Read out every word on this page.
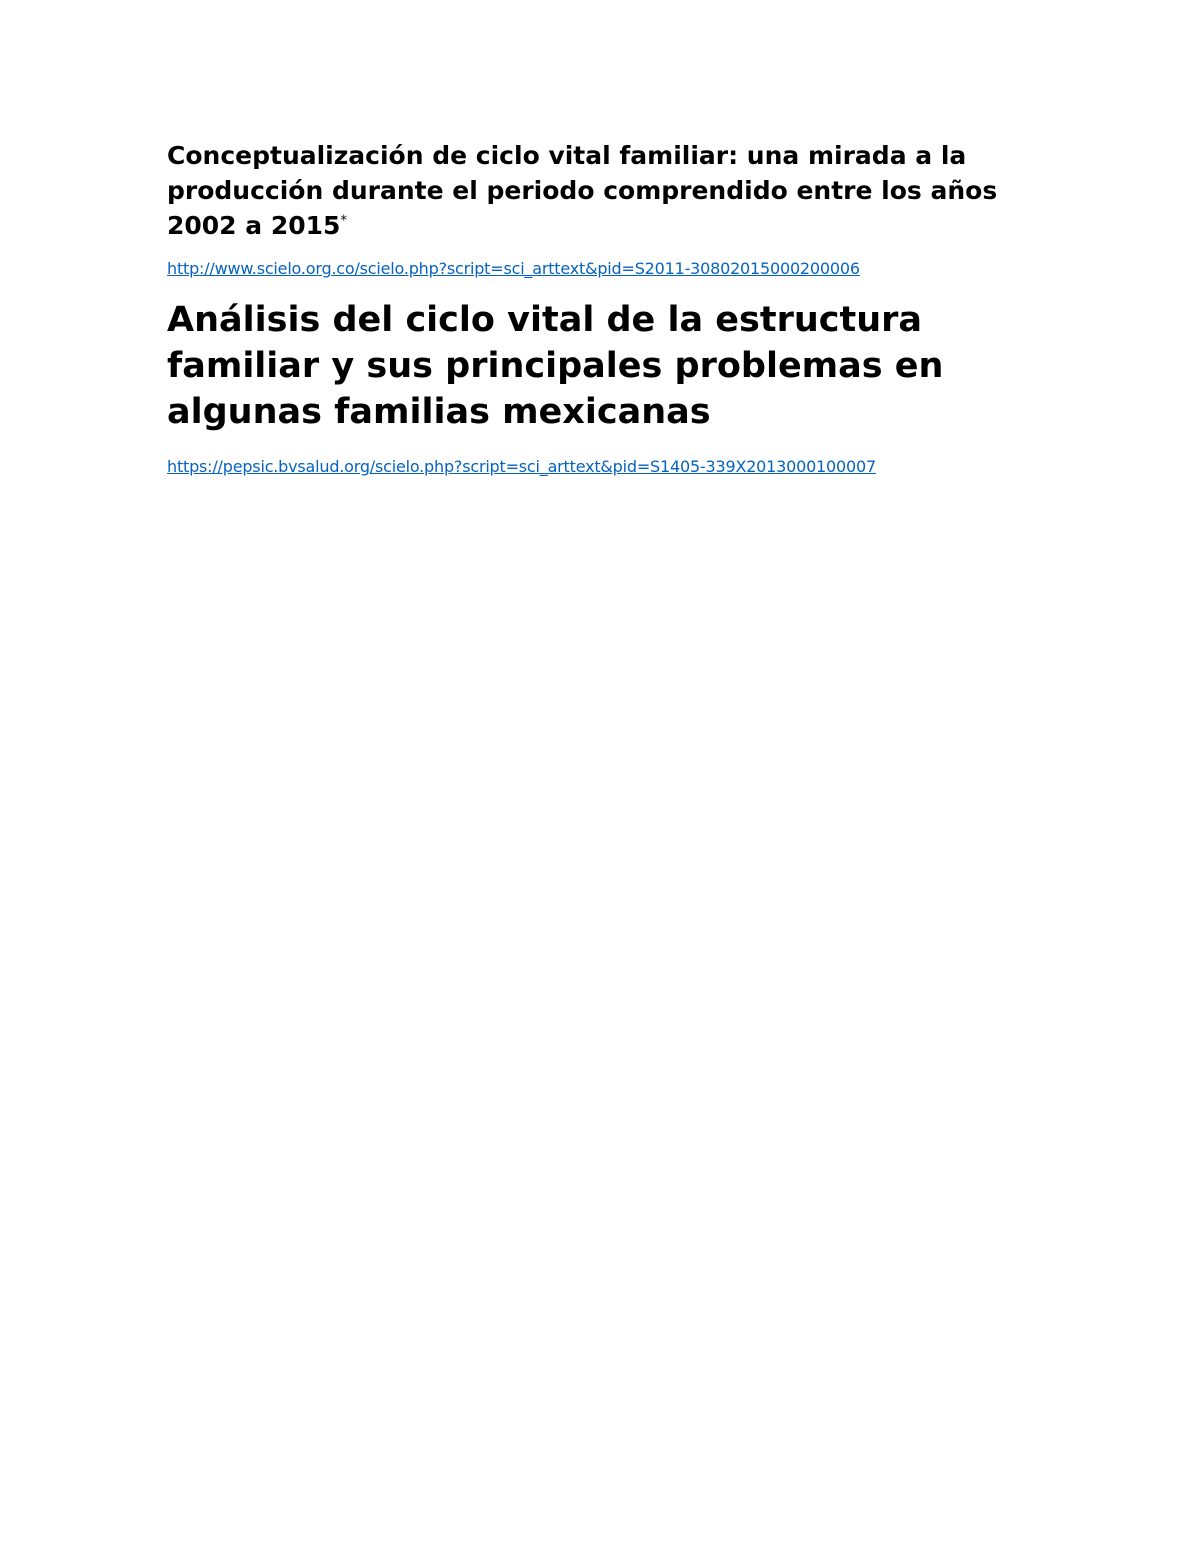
Conceptualización de ciclo vital familiar: una mirada a la producción durante el periodo comprendido entre los años 2002 a 2015*
http://www.scielo.org.co/scielo.php?script=sci_arttext&pid=S2011-30802015000200006
Análisis del ciclo vital de la estructura familiar y sus principales problemas en algunas familias mexicanas
https://pepsic.bvsalud.org/scielo.php?script=sci_arttext&pid=S1405-339X2013000100007
